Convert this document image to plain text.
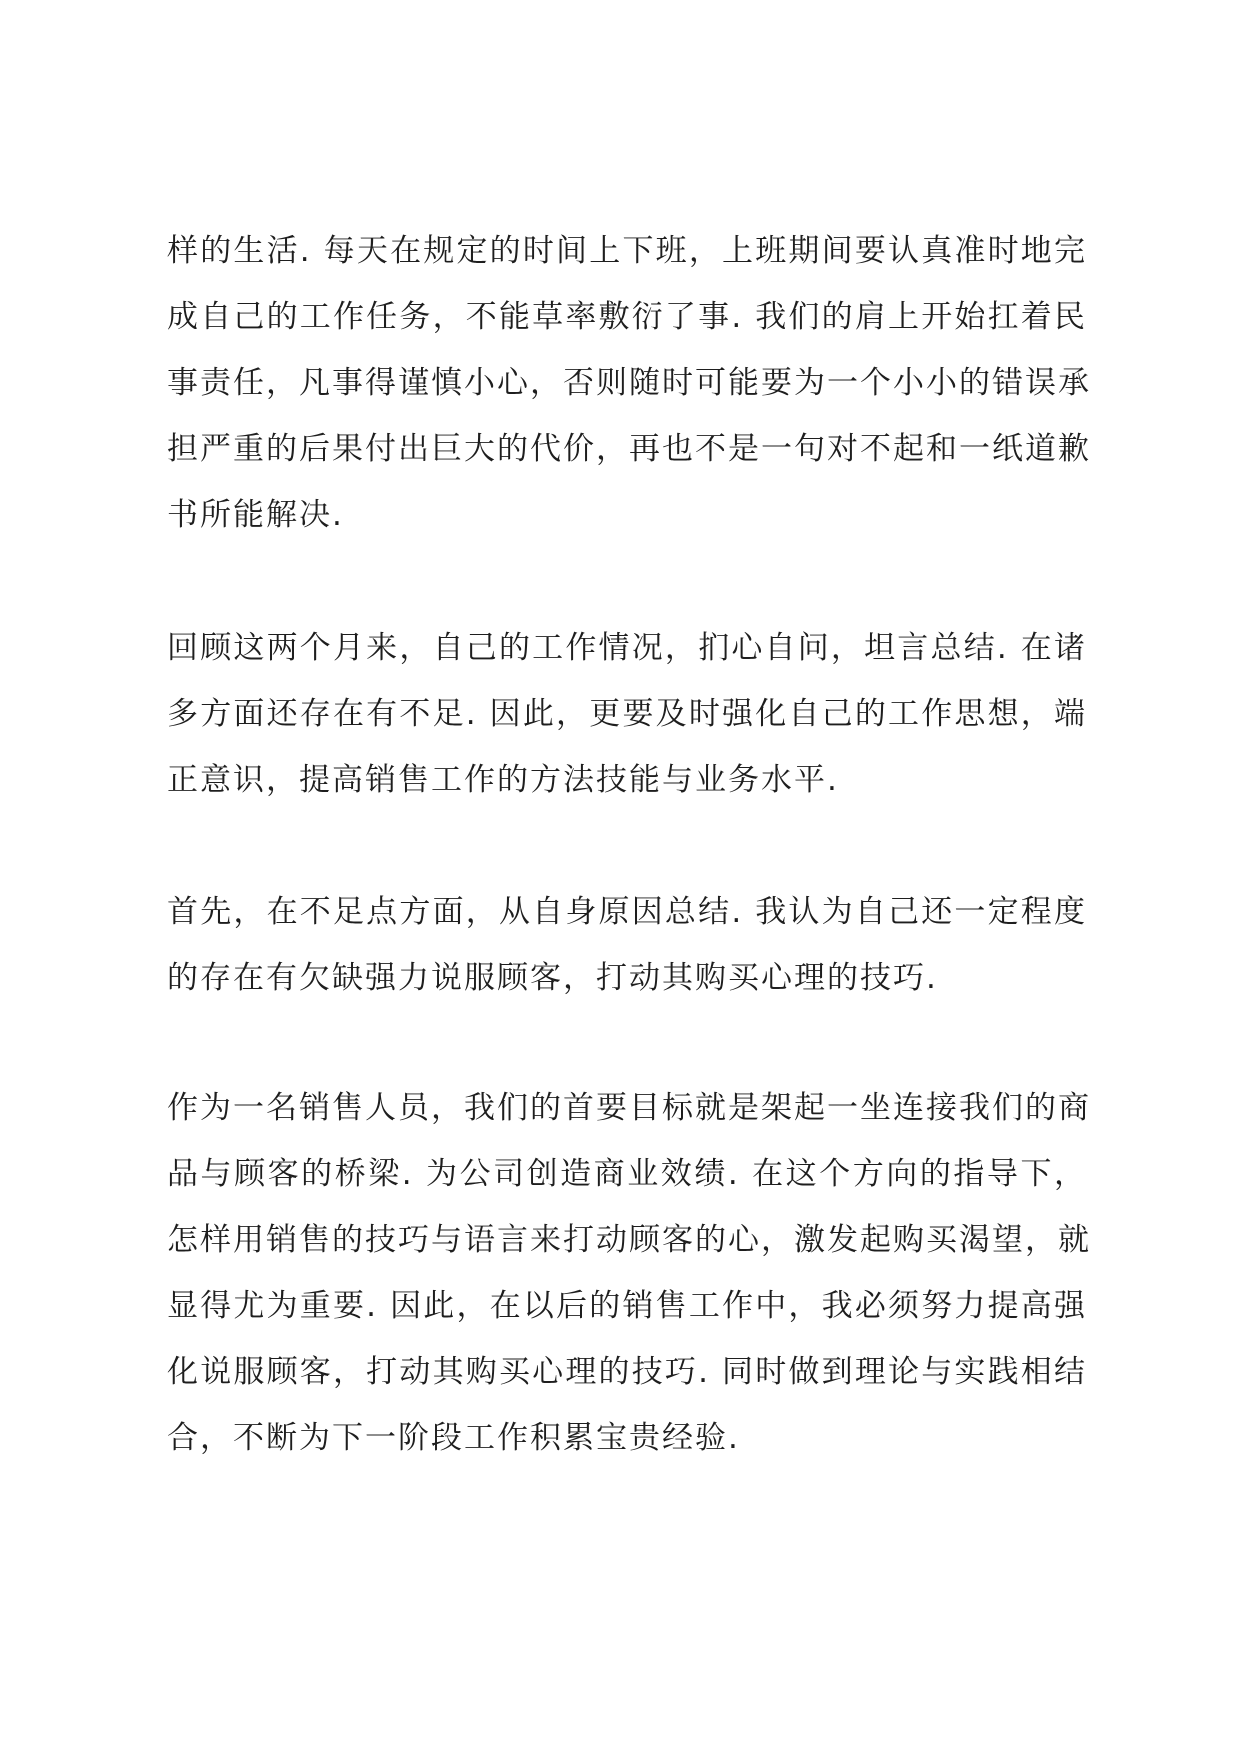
样的生活. 每天在规定的时间上下班，上班期间要认真准时地完
成自己的工作任务，不能草率敷衍了事. 我们的肩上开始扛着民
事责任，凡事得谨慎小心，否则随时可能要为一个小小的错误承
担严重的后果付出巨大的代价，再也不是一句对不起和一纸道歉
书所能解决.
回顾这两个月来，自己的工作情况，扪心自问，坦言总结. 在诸
多方面还存在有不足. 因此，更要及时强化自己的工作思想，端
正意识，提高销售工作的方法技能与业务水平.
首先，在不足点方面，从自身原因总结. 我认为自己还一定程度
的存在有欠缺强力说服顾客，打动其购买心理的技巧.
作为一名销售人员，我们的首要目标就是架起一坐连接我们的商
品与顾客的桥梁. 为公司创造商业效绩. 在这个方向的指导下，
怎样用销售的技巧与语言来打动顾客的心，激发起购买渴望，就
显得尤为重要. 因此，在以后的销售工作中，我必须努力提高强
化说服顾客，打动其购买心理的技巧. 同时做到理论与实践相结
合，不断为下一阶段工作积累宝贵经验.
